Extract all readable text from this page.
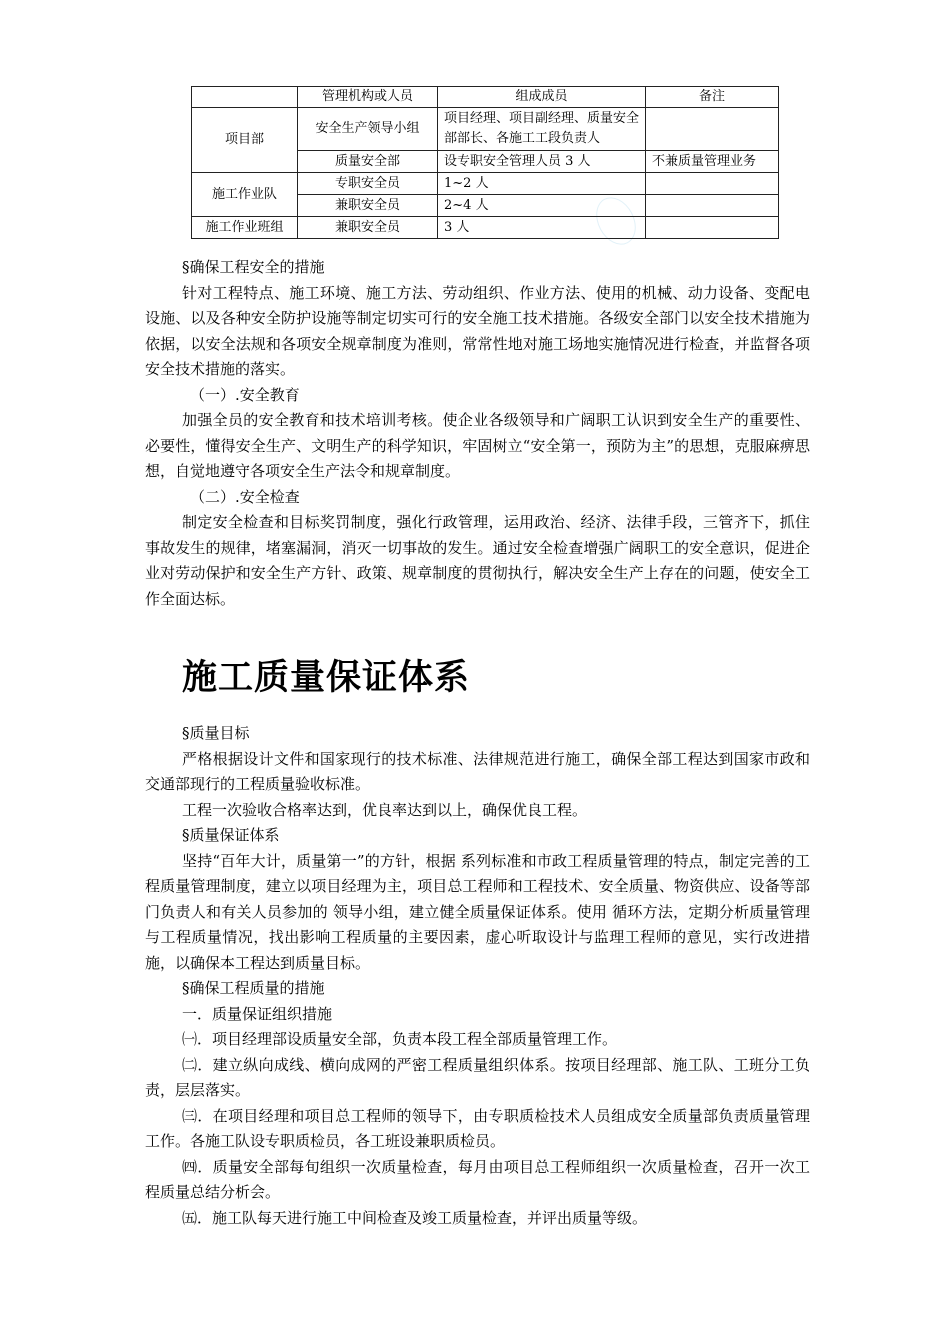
	管理机构或人员	组成成员	备注
项目部	安全生产领导小组	项目经理、项目副经理、质量安全部部长、各施工工段负责人	
	质量安全部	设专职安全管理人员 3 人	不兼质量管理业务
施工作业队	专职安全员	1~2 人	
	兼职安全员	2~4 人	
施工作业班组	兼职安全员	3 人	

§确保工程安全的措施

针对工程特点、施工环境、施工方法、劳动组织、作业方法、使用的机械、动力设备、变配电设施、以及各种安全防护设施等制定切实可行的安全施工技术措施。各级安全部门以安全技术措施为依据，以安全法规和各项安全规章制度为准则，常常性地对施工场地实施情况进行检查，并监督各项安全技术措施的落实。

（一）.安全教育

加强全员的安全教育和技术培训考核。使企业各级领导和广阔职工认识到安全生产的重要性、必要性，懂得安全生产、文明生产的科学知识，牢固树立“安全第一，预防为主”的思想，克服麻痹思想，自觉地遵守各项安全生产法令和规章制度。

（二）.安全检查

制定安全检查和目标奖罚制度，强化行政管理，运用政治、经济、法律手段，三管齐下，抓住事故发生的规律，堵塞漏洞，消灭一切事故的发生。通过安全检查增强广阔职工的安全意识，促进企业对劳动保护和安全生产方针、政策、规章制度的贯彻执行，解决安全生产上存在的问题，使安全工作全面达标。

施工质量保证体系

§质量目标

严格根据设计文件和国家现行的技术标准、法律规范进行施工，确保全部工程达到国家市政和交通部现行的工程质量验收标准。

工程一次验收合格率达到，优良率达到以上，确保优良工程。

§质量保证体系

坚持“百年大计，质量第一”的方针，根据 系列标准和市政工程质量管理的特点，制定完善的工程质量管理制度，建立以项目经理为主，项目总工程师和工程技术、安全质量、物资供应、设备等部门负责人和有关人员参加的 领导小组，建立健全质量保证体系。使用 循环方法，定期分析质量管理与工程质量情况，找出影响工程质量的主要因素，虚心听取设计与监理工程师的意见，实行改进措施，以确保本工程达到质量目标。

§确保工程质量的措施

一．质量保证组织措施

㈠．项目经理部设质量安全部，负责本段工程全部质量管理工作。

㈡．建立纵向成线、横向成网的严密工程质量组织体系。按项目经理部、施工队、工班分工负责，层层落实。

㈢．在项目经理和项目总工程师的领导下，由专职质检技术人员组成安全质量部负责质量管理工作。各施工队设专职质检员，各工班设兼职质检员。

㈣．质量安全部每旬组织一次质量检查，每月由项目总工程师组织一次质量检查，召开一次工程质量总结分析会。

㈤．施工队每天进行施工中间检查及竣工质量检查，并评出质量等级。
